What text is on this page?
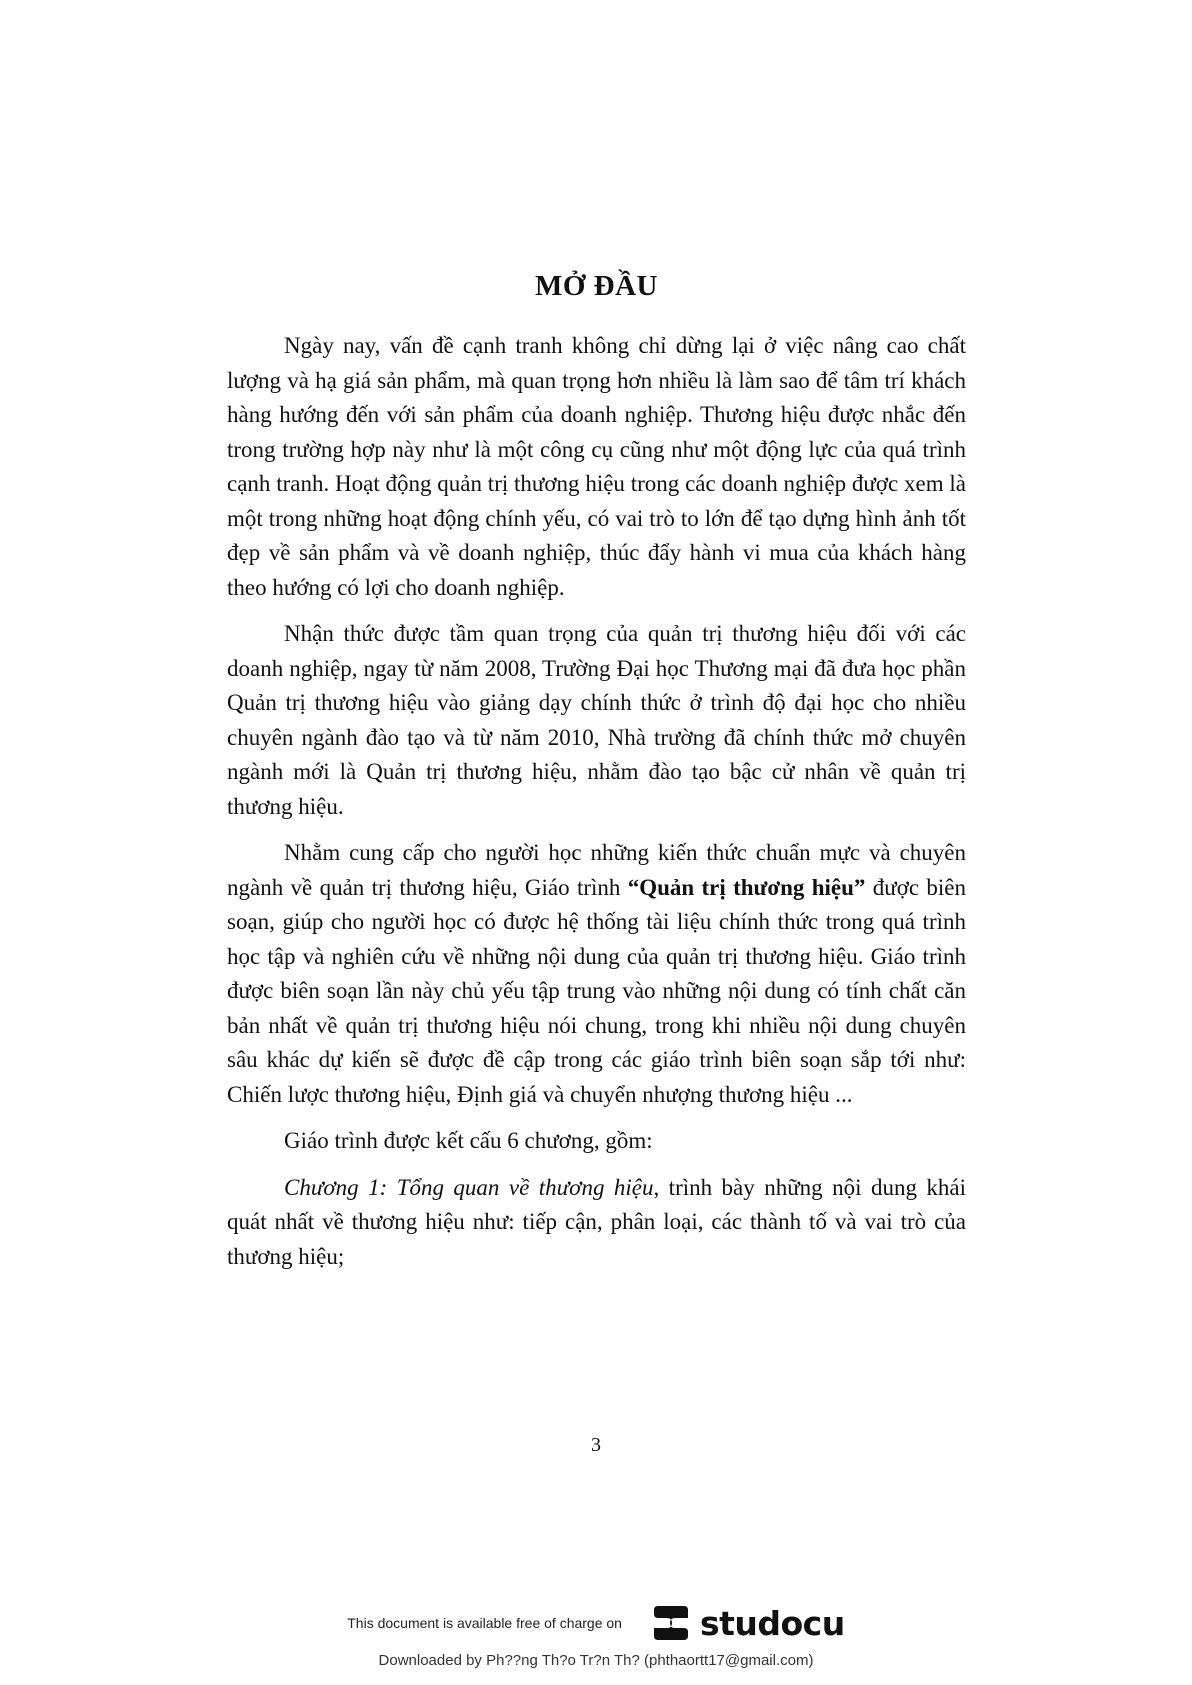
MỞ ĐẦU

Ngày nay, vấn đề cạnh tranh không chỉ dừng lại ở việc nâng cao chất lượng và hạ giá sản phẩm, mà quan trọng hơn nhiều là làm sao để tâm trí khách hàng hướng đến với sản phẩm của doanh nghiệp. Thương hiệu được nhắc đến trong trường hợp này như là một công cụ cũng như một động lực của quá trình cạnh tranh. Hoạt động quản trị thương hiệu trong các doanh nghiệp được xem là một trong những hoạt động chính yếu, có vai trò to lớn để tạo dựng hình ảnh tốt đẹp về sản phẩm và về doanh nghiệp, thúc đẩy hành vi mua của khách hàng theo hướng có lợi cho doanh nghiệp.

Nhận thức được tầm quan trọng của quản trị thương hiệu đối với các doanh nghiệp, ngay từ năm 2008, Trường Đại học Thương mại đã đưa học phần Quản trị thương hiệu vào giảng dạy chính thức ở trình độ đại học cho nhiều chuyên ngành đào tạo và từ năm 2010, Nhà trường đã chính thức mở chuyên ngành mới là Quản trị thương hiệu, nhằm đào tạo bậc cử nhân về quản trị thương hiệu.

Nhằm cung cấp cho người học những kiến thức chuẩn mực và chuyên ngành về quản trị thương hiệu, Giáo trình “Quản trị thương hiệu” được biên soạn, giúp cho người học có được hệ thống tài liệu chính thức trong quá trình học tập và nghiên cứu về những nội dung của quản trị thương hiệu. Giáo trình được biên soạn lần này chủ yếu tập trung vào những nội dung có tính chất căn bản nhất về quản trị thương hiệu nói chung, trong khi nhiều nội dung chuyên sâu khác dự kiến sẽ được đề cập trong các giáo trình biên soạn sắp tới như: Chiến lược thương hiệu, Định giá và chuyển nhượng thương hiệu ...

Giáo trình được kết cấu 6 chương, gồm:

Chương 1: Tổng quan về thương hiệu, trình bày những nội dung khái quát nhất về thương hiệu như: tiếp cận, phân loại, các thành tố và vai trò của thương hiệu;

3
This document is available free of charge on studocu
Downloaded by Ph??ng Th?o Tr?n Th? (phthaortt17@gmail.com)
